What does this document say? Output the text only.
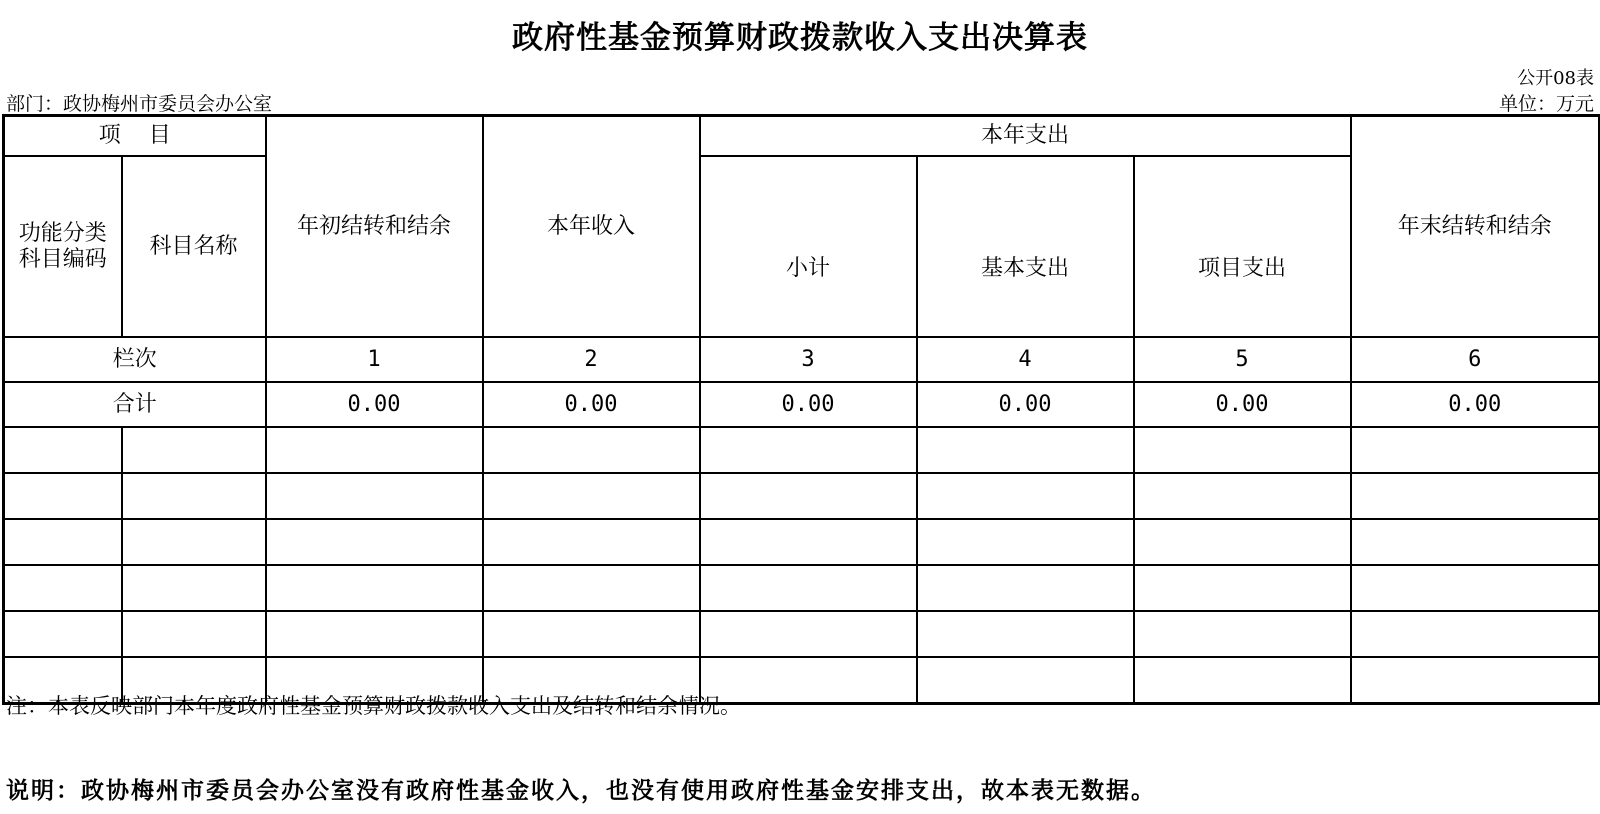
政府性基金预算财政拨款收入支出决算表
公开08表
部门：政协梅州市委员会办公室	单位：万元
项    目		年初结转和结余	本年收入	本年支出			年末结转和结余
功能分类科目编码	科目名称			小计	基本支出	项目支出	
栏次		1	2	3	4	5	6
合计		0.00	0.00	0.00	0.00	0.00	0.00

注：本表反映部门本年度政府性基金预算财政拨款收入支出及结转和结余情况。
说明：政协梅州市委员会办公室没有政府性基金收入，也没有使用政府性基金安排支出，故本表无数据。
